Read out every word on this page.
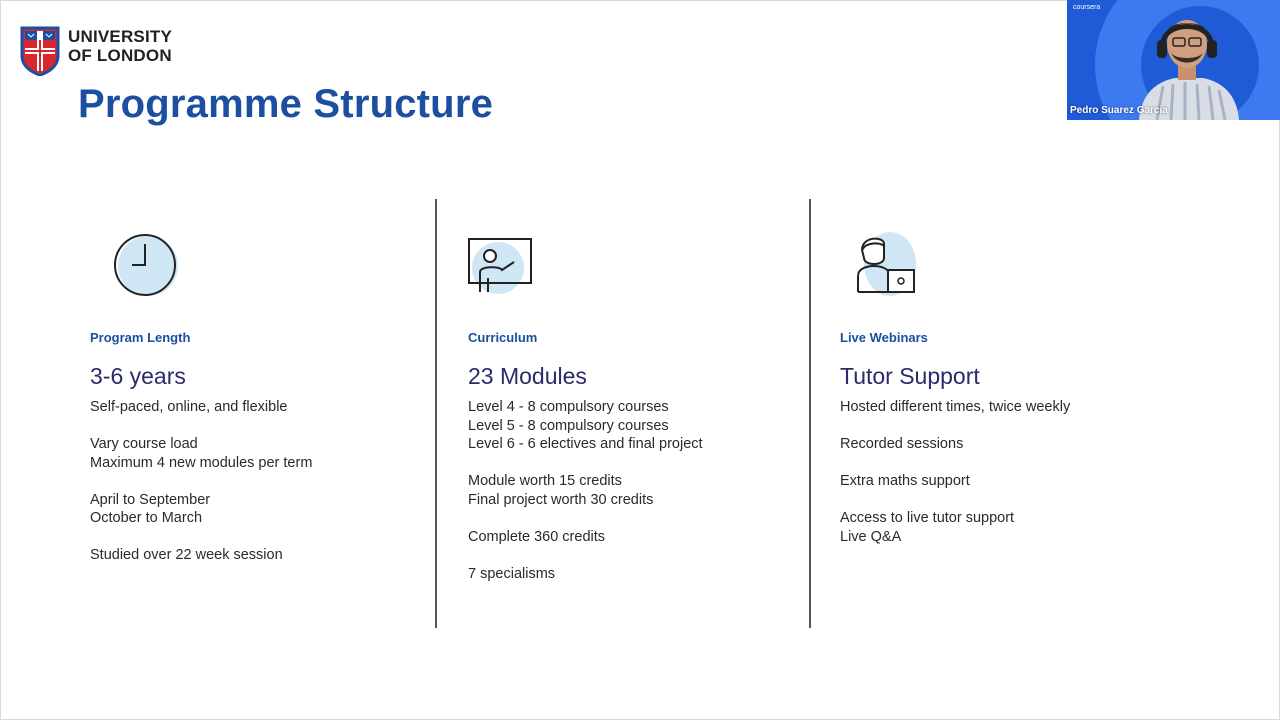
UNIVERSITY
OF LONDON
Programme Structure
coursera
Pedro Suarez Garcia
Program Length
3-6 years
Self-paced, online, and flexible
Vary course load
Maximum 4 new modules per term
April to September
October to March
Studied over 22 week session
Curriculum
23 Modules
Level 4 - 8 compulsory courses
Level 5 - 8 compulsory courses
Level 6 - 6 electives and final project
Module worth 15 credits
Final project worth 30 credits
Complete 360 credits
7 specialisms
Live Webinars
Tutor Support
Hosted different times, twice weekly
Recorded sessions
Extra maths support
Access to live tutor support
Live Q&A
